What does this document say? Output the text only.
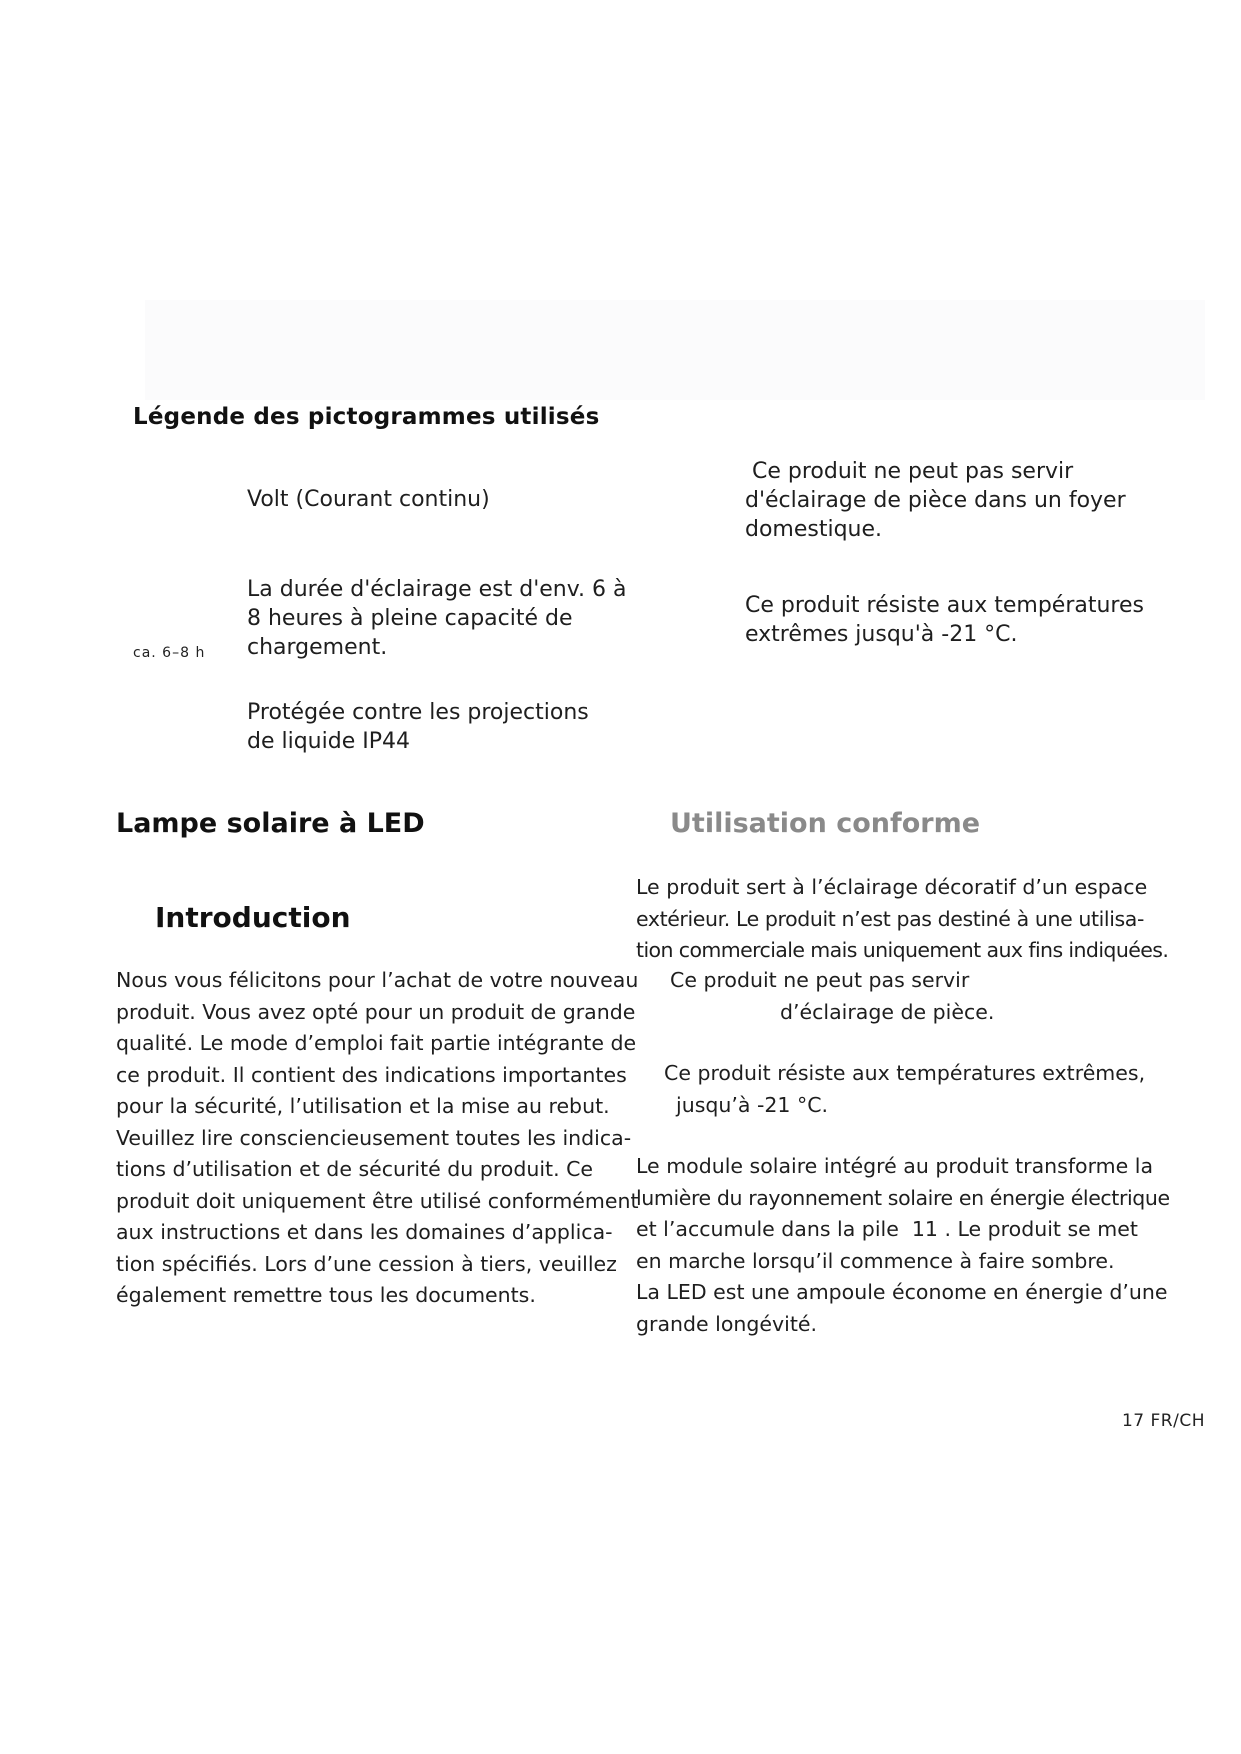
Légende des pictogrammes utilisés
Volt (Courant continu)
ca. 6–8 h
La durée d'éclairage est d'env. 6 à
8 heures à pleine capacité de
chargement.
Protégée contre les projections
de liquide IP44
Ce produit ne peut pas servir
d'éclairage de pièce dans un foyer
domestique.
Ce produit résiste aux températures
extrêmes jusqu'à -21 °C.
Lampe solaire à LED
Introduction
Nous vous félicitons pour l’achat de votre nouveau
produit. Vous avez opté pour un produit de grande
qualité. Le mode d’emploi fait partie intégrante de
ce produit. Il contient des indications importantes
pour la sécurité, l’utilisation et la mise au rebut.
Veuillez lire consciencieusement toutes les indica-
tions d’utilisation et de sécurité du produit. Ce
produit doit uniquement être utilisé conformément
aux instructions et dans les domaines d’applica-
tion spécifiés. Lors d’une cession à tiers, veuillez
également remettre tous les documents.
Utilisation conforme
Le produit sert à l’éclairage décoratif d’un espace
extérieur. Le produit n’est pas destiné à une utilisa-
tion commerciale mais uniquement aux fins indiquées.
Ce produit ne peut pas servir
d’éclairage de pièce.
Ce produit résiste aux températures extrêmes,
jusqu’à -21 °C.
Le module solaire intégré au produit transforme la
lumière du rayonnement solaire en énergie électrique
et l’accumule dans la pile  11 . Le produit se met
en marche lorsqu’il commence à faire sombre.
La LED est une ampoule économe en énergie d’une
grande longévité.
17 FR/CH
